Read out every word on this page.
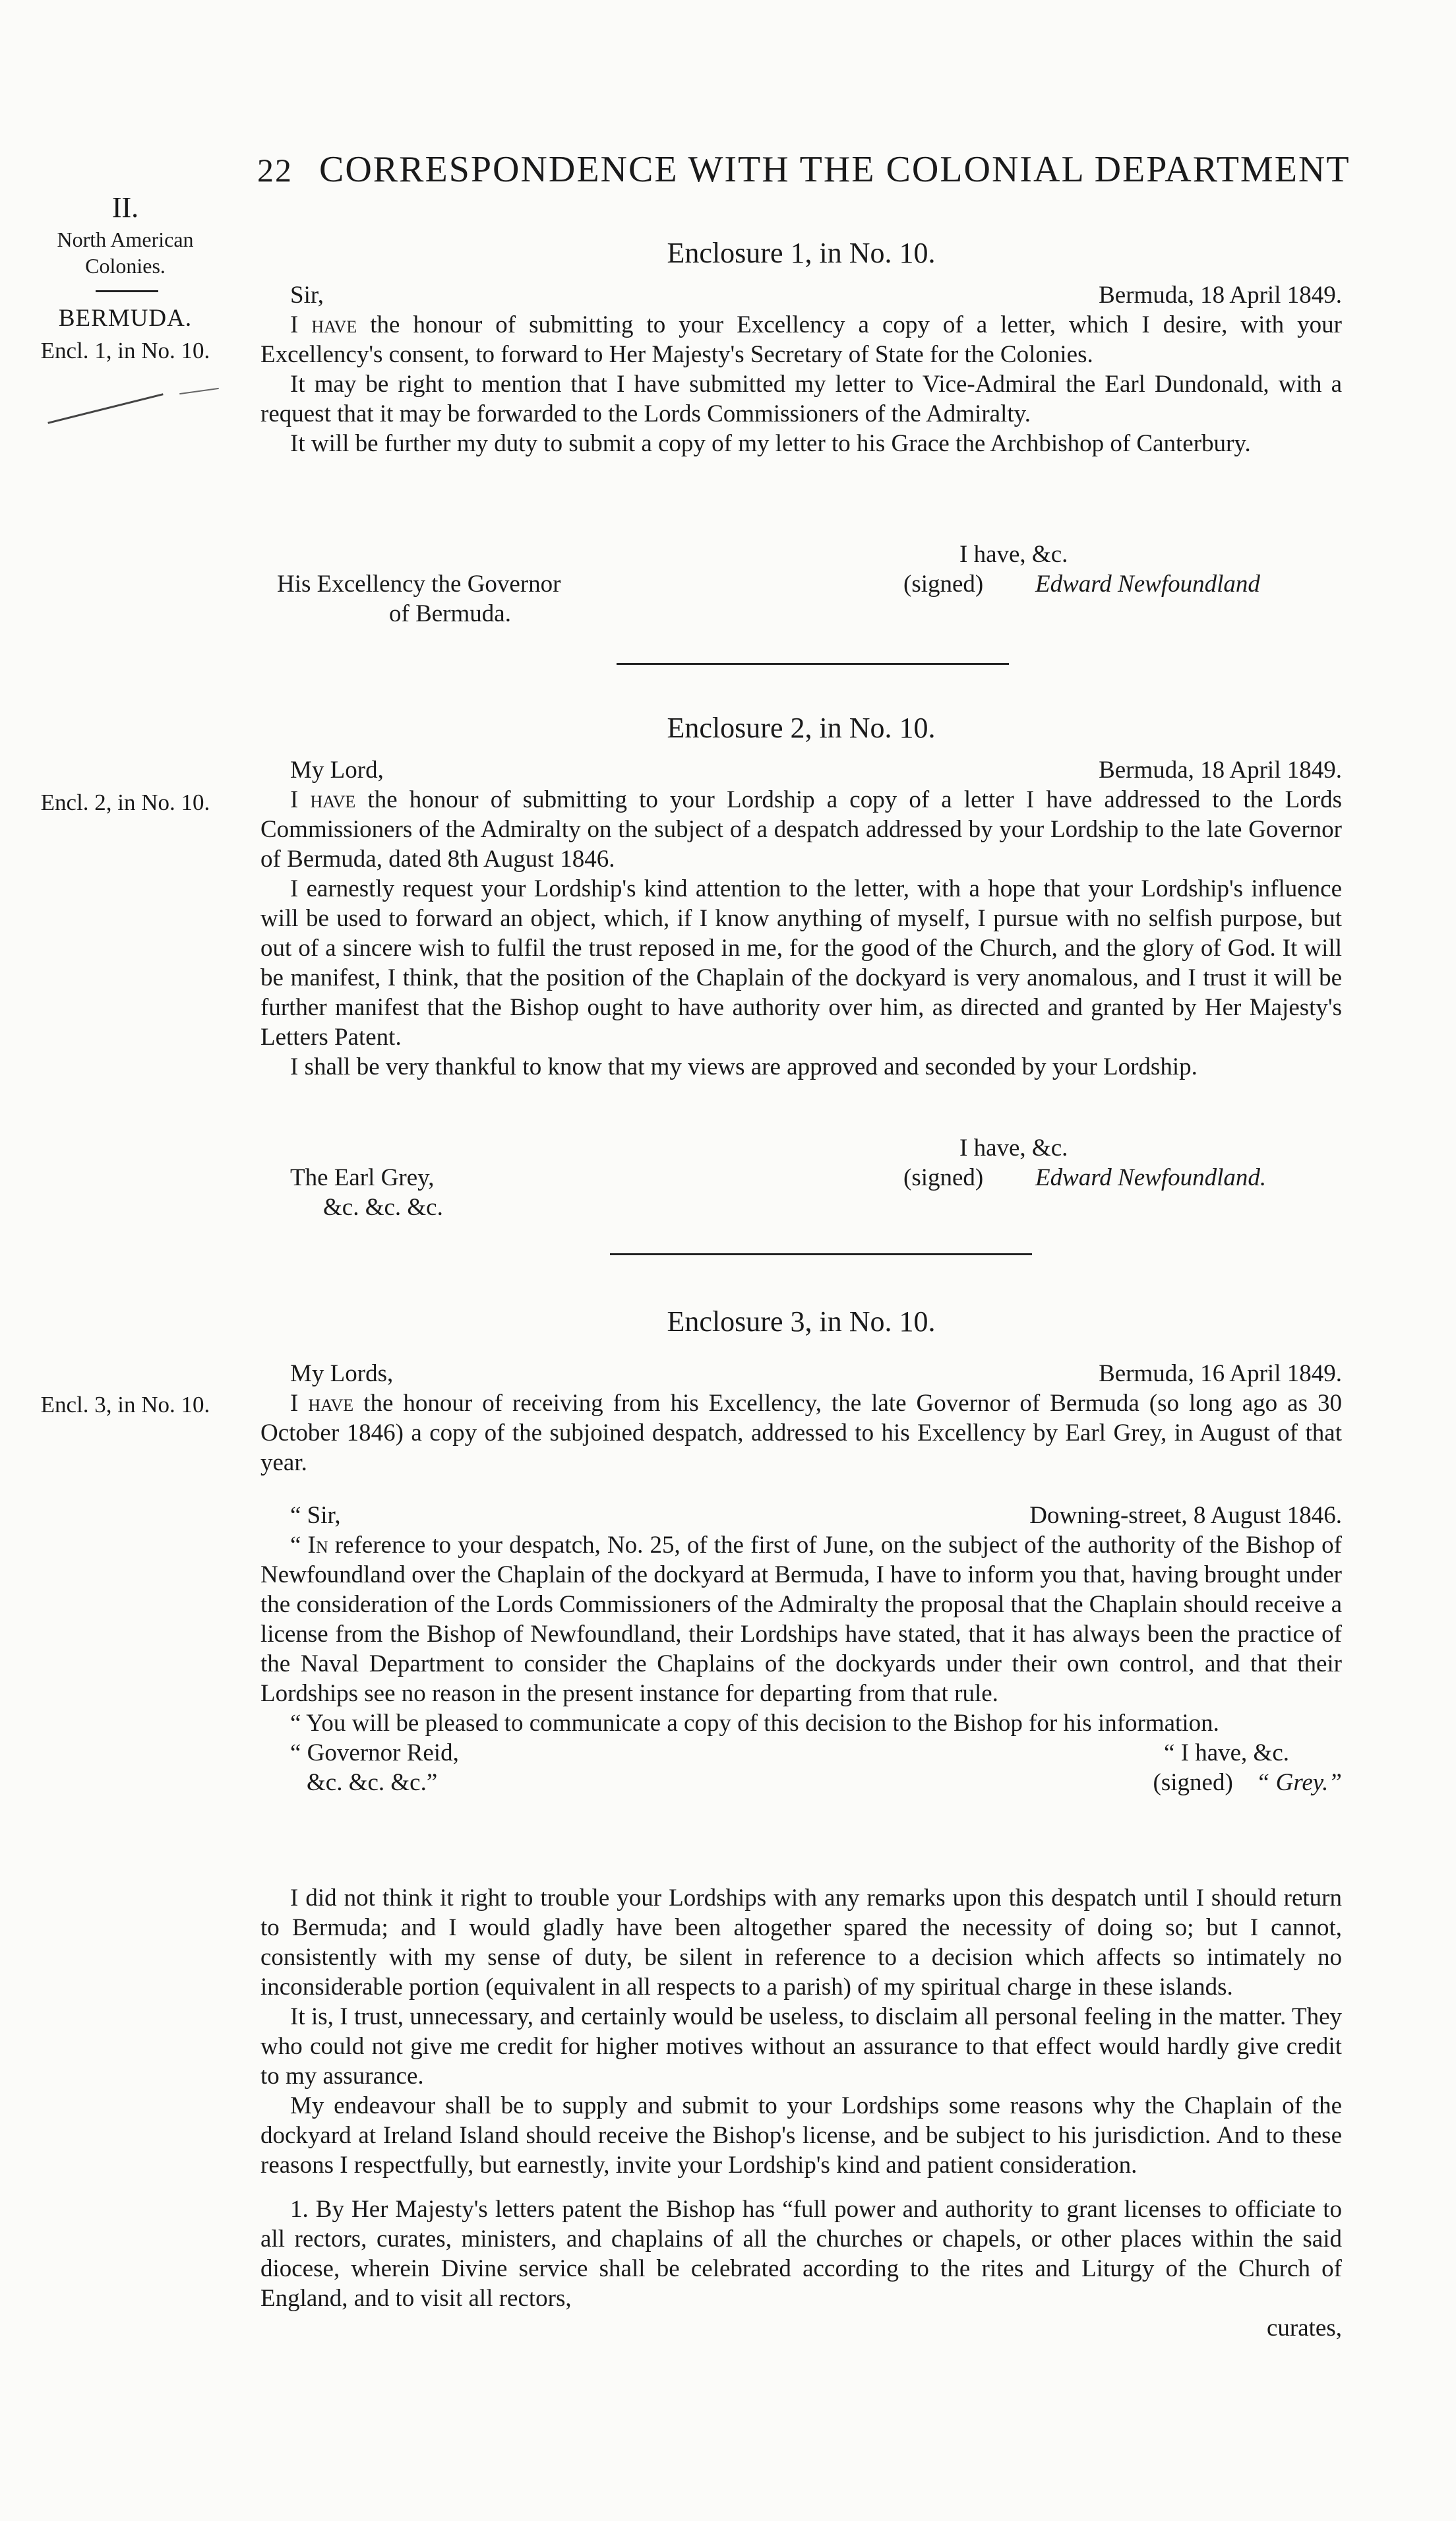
22 CORRESPONDENCE WITH THE COLONIAL DEPARTMENT
II.
North American
Colonies.
BERMUDA.
Encl. 1, in No. 10.
Encl. 2, in No. 10.
Encl. 3, in No. 10.
Enclosure 1, in No. 10.
Sir,	Bermuda, 18 April 1849.

I have the honour of submitting to your Excellency a copy of a letter, which I desire, with your Excellency's consent, to forward to Her Majesty's Secretary of State for the Colonies.

It may be right to mention that I have submitted my letter to Vice-Admiral the Earl Dundonald, with a request that it may be forwarded to the Lords Commissioners of the Admiralty.

It will be further my duty to submit a copy of my letter to his Grace the Archbishop of Canterbury.

I have, &c.
His Excellency the Governor	(signed)	Edward Newfoundland
of Bermuda.
Enclosure 2, in No. 10.
My Lord,	Bermuda, 18 April 1849.

I have the honour of submitting to your Lordship a copy of a letter I have addressed to the Lords Commissioners of the Admiralty on the subject of a despatch addressed by your Lordship to the late Governor of Bermuda, dated 8th August 1846.

I earnestly request your Lordship's kind attention to the letter, with a hope that your Lordship's influence will be used to forward an object, which, if I know anything of myself, I pursue with no selfish purpose, but out of a sincere wish to fulfil the trust reposed in me, for the good of the Church, and the glory of God. It will be manifest, I think, that the position of the Chaplain of the dockyard is very anomalous, and I trust it will be further manifest that the Bishop ought to have authority over him, as directed and granted by Her Majesty's Letters Patent.

I shall be very thankful to know that my views are approved and seconded by your Lordship.

I have, &c.
The Earl Grey,	(signed)	Edward Newfoundland.
&c. &c. &c.
Enclosure 3, in No. 10.
My Lords,	Bermuda, 16 April 1849.

I have the honour of receiving from his Excellency, the late Governor of Bermuda (so long ago as 30 October 1846) a copy of the subjoined despatch, addressed to his Excellency by Earl Grey, in August of that year.

“ Sir,	Downing-street, 8 August 1846.

“ In reference to your despatch, No. 25, of the first of June, on the subject of the authority of the Bishop of Newfoundland over the Chaplain of the dockyard at Bermuda, I have to inform you that, having brought under the consideration of the Lords Commissioners of the Admiralty the proposal that the Chaplain should receive a license from the Bishop of Newfoundland, their Lordships have stated, that it has always been the practice of the Naval Department to consider the Chaplains of the dockyards under their own control, and that their Lordships see no reason in the present instance for departing from that rule.

“ You will be pleased to communicate a copy of this decision to the Bishop for his information.

“ Governor Reid,	“ I have, &c.
&c. &c. &c.”	(signed) “ Grey.”

I did not think it right to trouble your Lordships with any remarks upon this despatch until I should return to Bermuda; and I would gladly have been altogether spared the necessity of doing so; but I cannot, consistently with my sense of duty, be silent in reference to a decision which affects so intimately no inconsiderable portion (equivalent in all respects to a parish) of my spiritual charge in these islands.

It is, I trust, unnecessary, and certainly would be useless, to disclaim all personal feeling in the matter. They who could not give me credit for higher motives without an assurance to that effect would hardly give credit to my assurance.

My endeavour shall be to supply and submit to your Lordships some reasons why the Chaplain of the dockyard at Ireland Island should receive the Bishop's license, and be subject to his jurisdiction. And to these reasons I respectfully, but earnestly, invite your Lordship's kind and patient consideration.

1. By Her Majesty's letters patent the Bishop has “full power and authority to grant licenses to officiate to all rectors, curates, ministers, and chaplains of all the churches or chapels, or other places within the said diocese, wherein Divine service shall be celebrated according to the rites and Liturgy of the Church of England, and to visit all rectors,

curates,
